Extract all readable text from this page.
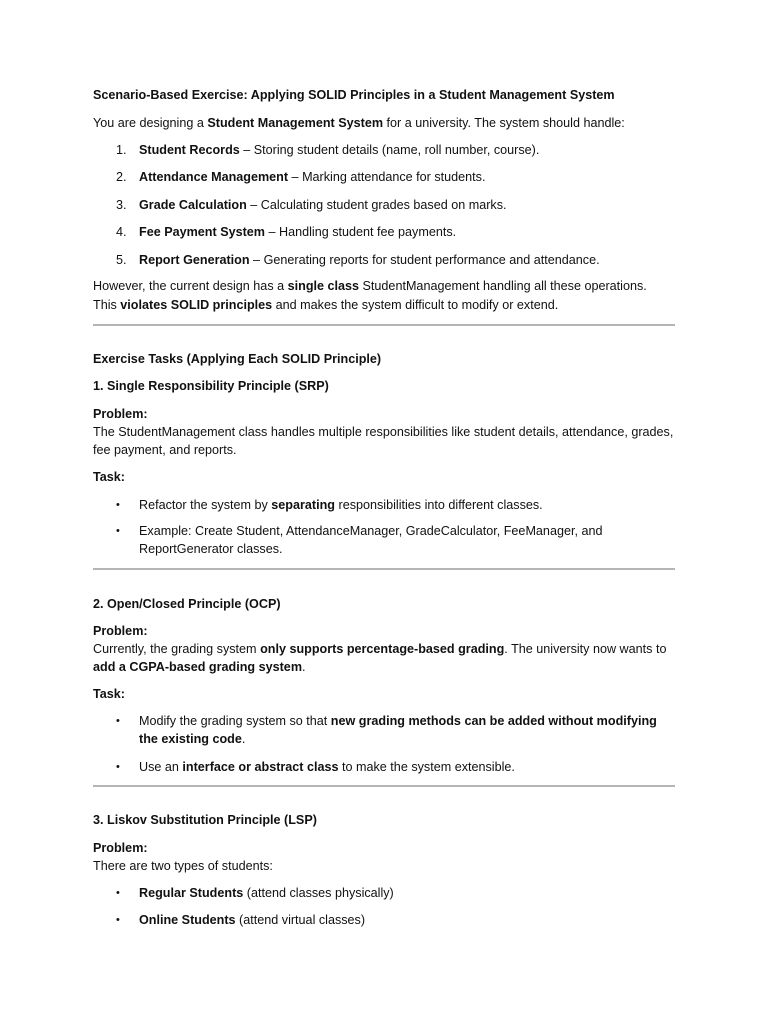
Scenario-Based Exercise: Applying SOLID Principles in a Student Management System

You are designing a Student Management System for a university. The system should handle:

1. Student Records – Storing student details (name, roll number, course).

2. Attendance Management – Marking attendance for students.

3. Grade Calculation – Calculating student grades based on marks.

4. Fee Payment System – Handling student fee payments.

5. Report Generation – Generating reports for student performance and attendance.

However, the current design has a single class StudentManagement handling all these operations.

This violates SOLID principles and makes the system difficult to modify or extend.

Exercise Tasks (Applying Each SOLID Principle)

1. Single Responsibility Principle (SRP)

Problem:

The StudentManagement class handles multiple responsibilities like student details, attendance, grades, fee payment, and reports.

Task:

• Refactor the system by separating responsibilities into different classes.

• Example: Create Student, AttendanceManager, GradeCalculator, FeeManager, and ReportGenerator classes.

2. Open/Closed Principle (OCP)

Problem:

Currently, the grading system only supports percentage-based grading. The university now wants to add a CGPA-based grading system.

Task:

• Modify the grading system so that new grading methods can be added without modifying the existing code.

• Use an interface or abstract class to make the system extensible.

3. Liskov Substitution Principle (LSP)

Problem:

There are two types of students:

• Regular Students (attend classes physically)

• Online Students (attend virtual classes)
